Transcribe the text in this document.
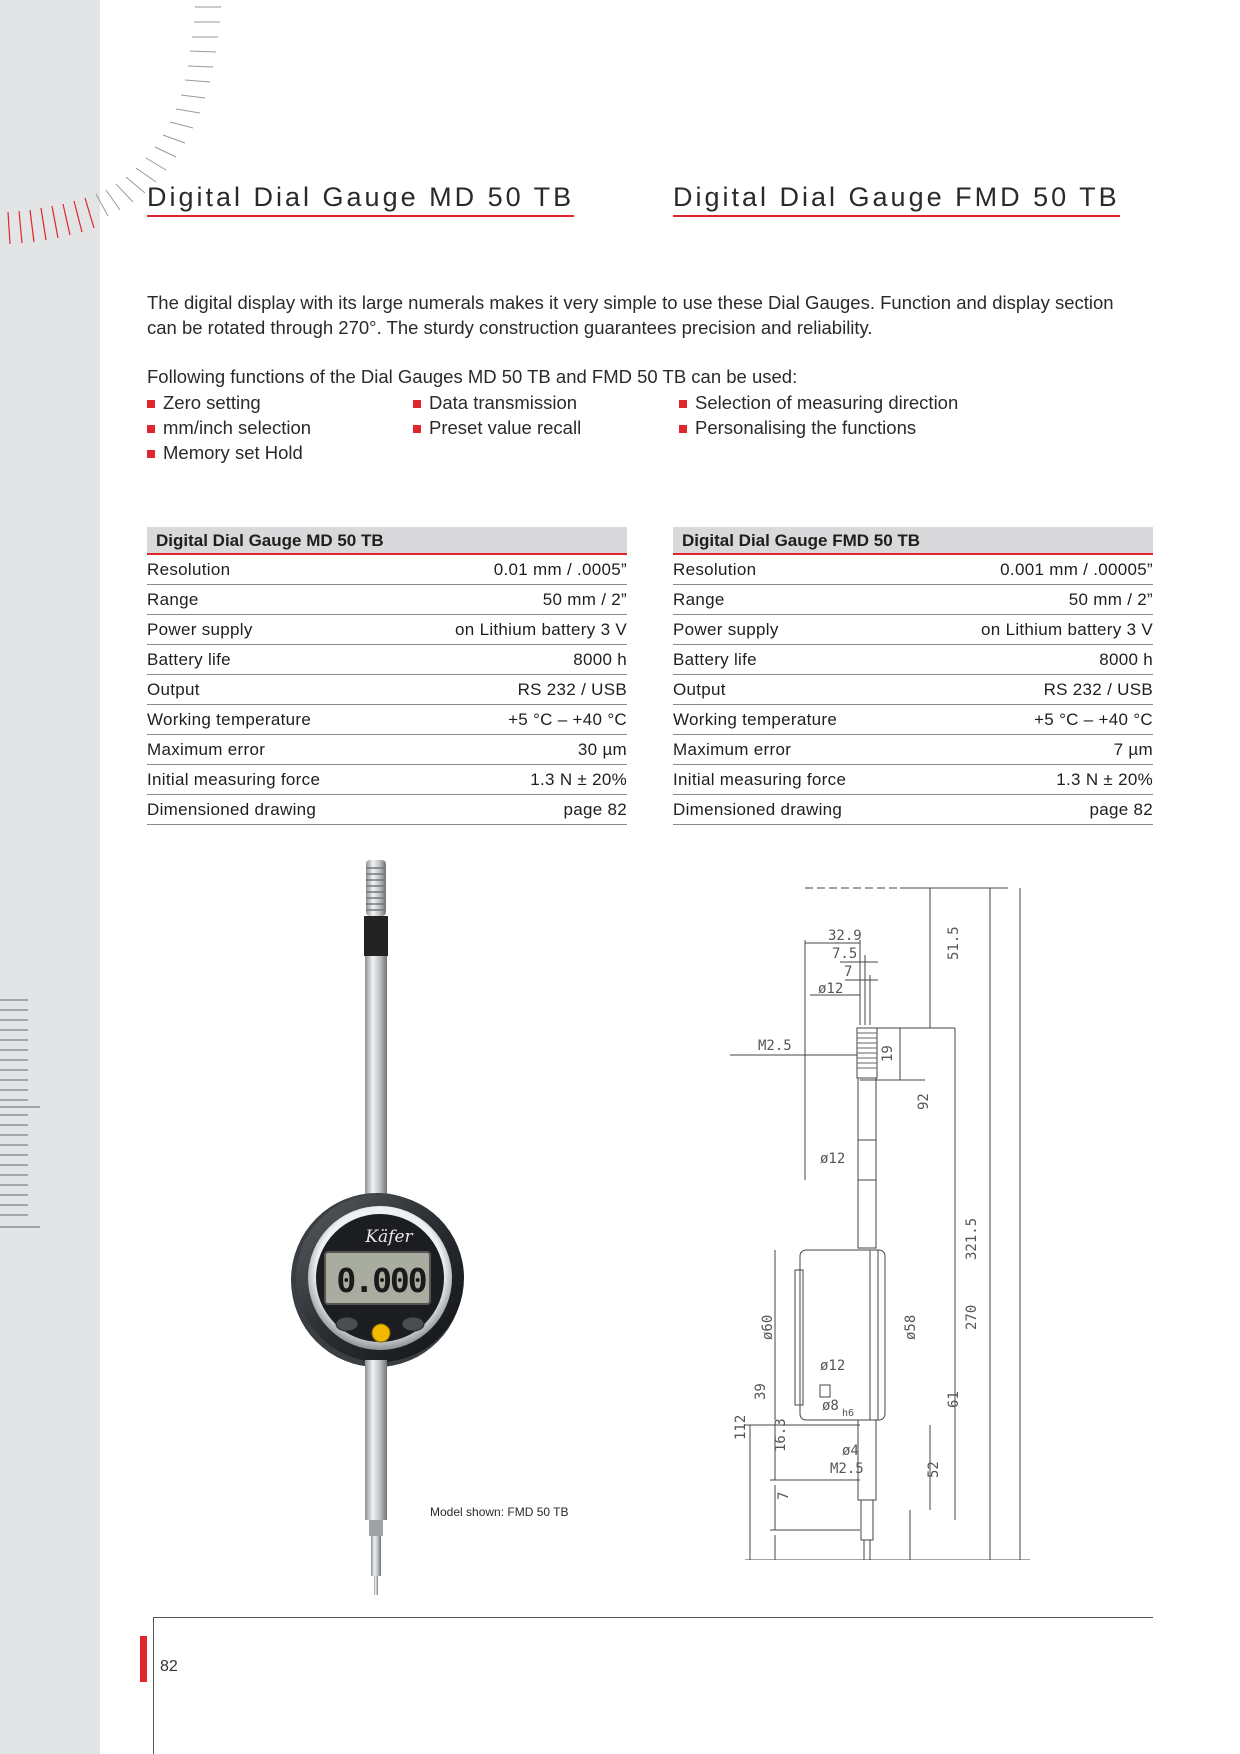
Digital Dial Gauge MD 50 TB	Digital Dial Gauge FMD 50 TB
The digital display with its large numerals makes it very simple to use these Dial Gauges. Function and display section can be rotated through 270°. The sturdy construction guarantees precision and reliability.
Following functions of the Dial Gauges MD 50 TB and FMD 50 TB can be used:
Zero setting	Data transmission	Selection of measuring direction
mm/inch selection	Preset value recall	Personalising the functions
Memory set Hold
Digital Dial Gauge MD 50 TB
Resolution	0.01 mm / .0005”
Range	50 mm / 2”
Power supply	on Lithium battery 3 V
Battery life	8000 h
Output	RS 232 / USB
Working temperature	+5 °C – +40 °C
Maximum error	30 µm
Initial measuring force	1.3 N ± 20%
Dimensioned drawing	page 82
Digital Dial Gauge FMD 50 TB
Resolution	0.001 mm / .00005”
Range	50 mm / 2”
Power supply	on Lithium battery 3 V
Battery life	8000 h
Output	RS 232 / USB
Working temperature	+5 °C – +40 °C
Maximum error	7 µm
Initial measuring force	1.3 N ± 20%
Dimensioned drawing	page 82
Käfer
0.000
Model shown: FMD 50 TB
32.9
7.5
7
ø12
M2.5	19
92
ø12
321.5
ø60	ø58	270
51.5
ø12
39	61
ø8 h6
16.3
112
ø4
M2.5	52
7
82
